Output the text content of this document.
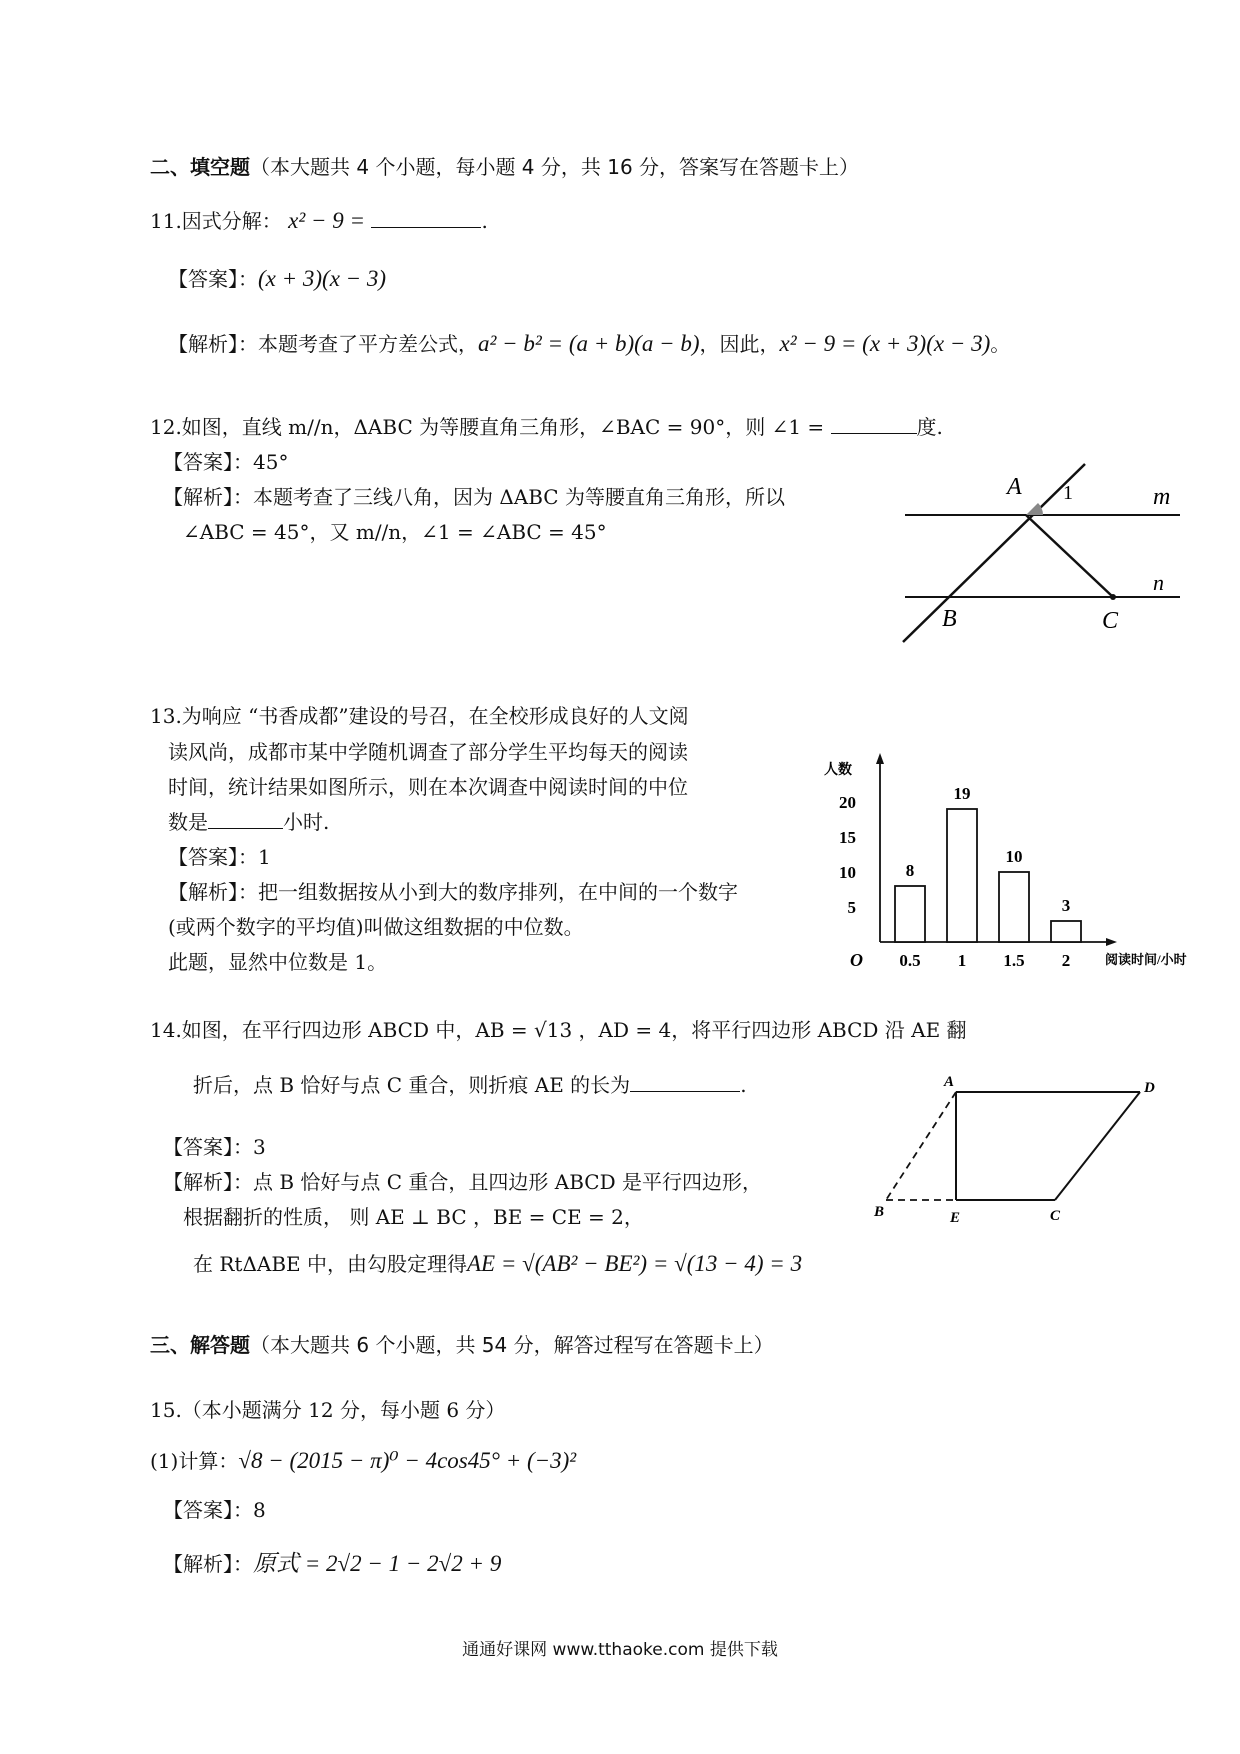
二、填空题（本大题共 4 个小题，每小题 4 分，共 16 分，答案写在答题卡上）
11.因式分解： x² − 9 =	.
【答案】：(x + 3)(x − 3)
【解析】：本题考查了平方差公式，a² − b² = (a + b)(a − b)，因此，x² − 9 = (x + 3)(x − 3)。
12.如图，直线 m//n，ΔABC 为等腰直角三角形，∠BAC = 90°，则 ∠1 =	度.
【答案】：45°
【解析】：本题考查了三线八角，因为 ΔABC 为等腰直角三角形，所以
∠ABC = 45°，又 m//n，∠1 = ∠ABC = 45°
A
B	C
m
n
1
13.为响应 “书香成都”建设的号召，在全校形成良好的人文阅
读风尚，成都市某中学随机调查了部分学生平均每天的阅读
时间，统计结果如图所示，则在本次调查中阅读时间的中位
数是	小时.
【答案】：1
【解析】：把一组数据按从小到大的数序排列，在中间的一个数字
(或两个数字的平均值)叫做这组数据的中位数。
此题，显然中位数是 1。
人数
阅读时间/小时
O
5
10
15
20
8
19
10
3
0.5 1 1.5 2
14.如图，在平行四边形 ABCD 中，AB = √13 ，AD = 4，将平行四边形 ABCD 沿 AE 翻
折后，点 B 恰好与点 C 重合，则折痕 AE 的长为	.
【答案】：3
【解析】：点 B 恰好与点 C 重合，且四边形 ABCD 是平行四边形，
根据翻折的性质， 则 AE ⊥ BC ，BE = CE = 2，
在 RtΔABE 中，由勾股定理得AE = √(AB² − BE²) = √(13 − 4) = 3
A
B	C
D
E
三、解答题（本大题共 6 个小题，共 54 分，解答过程写在答题卡上）
15.（本小题满分 12 分，每小题 6 分）
(1)计算：√8 − (2015 − π)⁰ − 4cos45° + (−3)²
【答案】：8
【解析】：原式 = 2√2 − 1 − 2√2 + 9
通通好课网 www.tthaoke.com 提供下载
